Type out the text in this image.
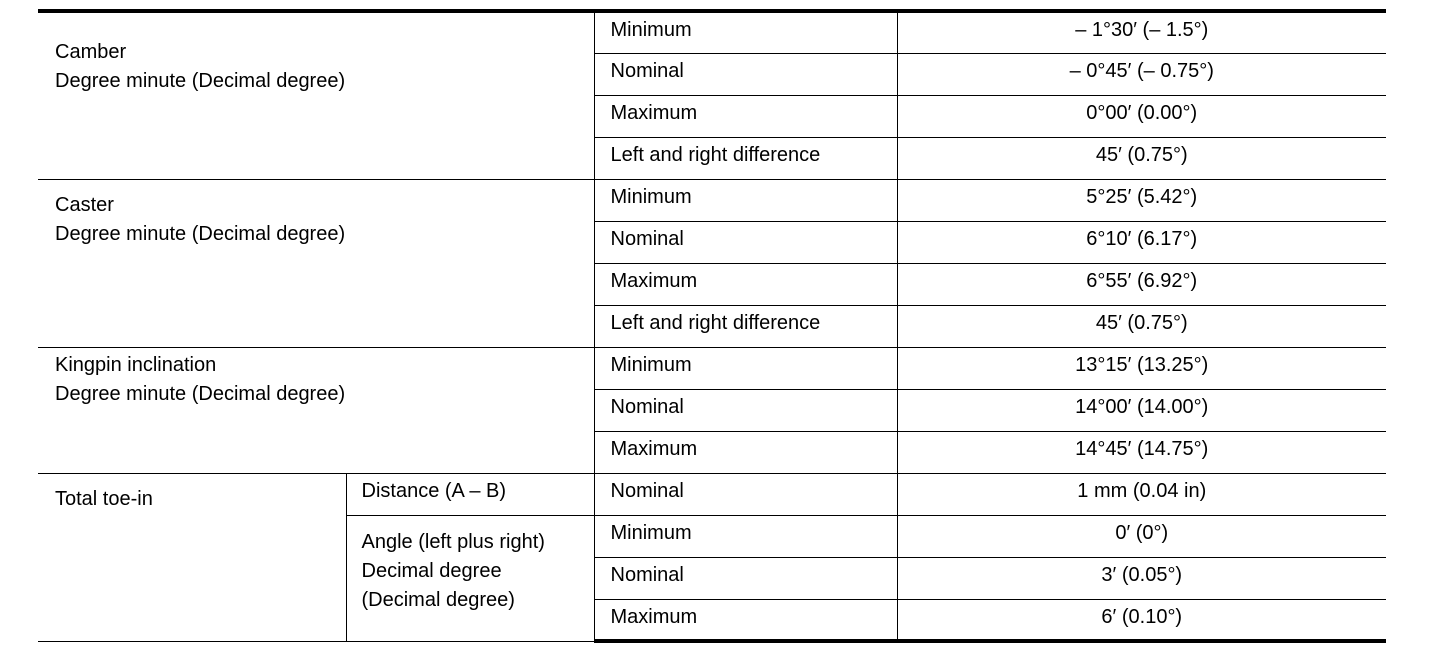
Camber
Degree minute (Decimal degree)		Minimum	– 1°30′ (– 1.5°)
		Nominal	– 0°45′ (– 0.75°)
		Maximum	0°00′ (0.00°)
		Left and right difference	45′ (0.75°)

Caster
Degree minute (Decimal degree)		Minimum	5°25′ (5.42°)
		Nominal	6°10′ (6.17°)
		Maximum	6°55′ (6.92°)
		Left and right difference	45′ (0.75°)

Kingpin inclination
Degree minute (Decimal degree)		Minimum	13°15′ (13.25°)
		Nominal	14°00′ (14.00°)
		Maximum	14°45′ (14.75°)
Total toe-in	Distance (A – B)	Nominal	1 mm (0.04 in)

	Angle (left plus right)
Decimal degree
(Decimal degree)	Minimum	0′ (0°)
		Nominal	3′ (0.05°)
		Maximum	6′ (0.10°)
